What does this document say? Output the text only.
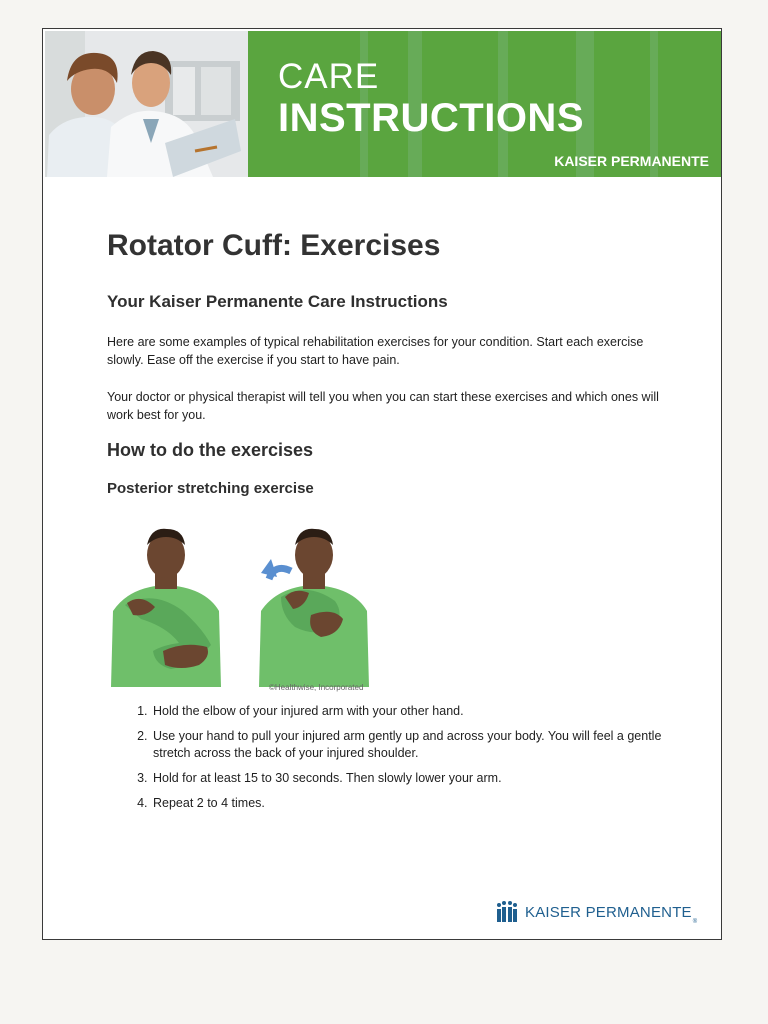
CARE
INSTRUCTIONS
KAISER PERMANENTE
Rotator Cuff: Exercises
Your Kaiser Permanente Care Instructions
Here are some examples of typical rehabilitation exercises for your condition. Start each exercise slowly. Ease off the exercise if you start to have pain.
Your doctor or physical therapist will tell you when you can start these exercises and which ones will work best for you.
How to do the exercises
Posterior stretching exercise
©Healthwise, Incorporated
1. Hold the elbow of your injured arm with your other hand.
2. Use your hand to pull your injured arm gently up and across your body. You will feel a gentle stretch across the back of your injured shoulder.
3. Hold for at least 15 to 30 seconds. Then slowly lower your arm.
4. Repeat 2 to 4 times.
KAISER PERMANENTE
®
